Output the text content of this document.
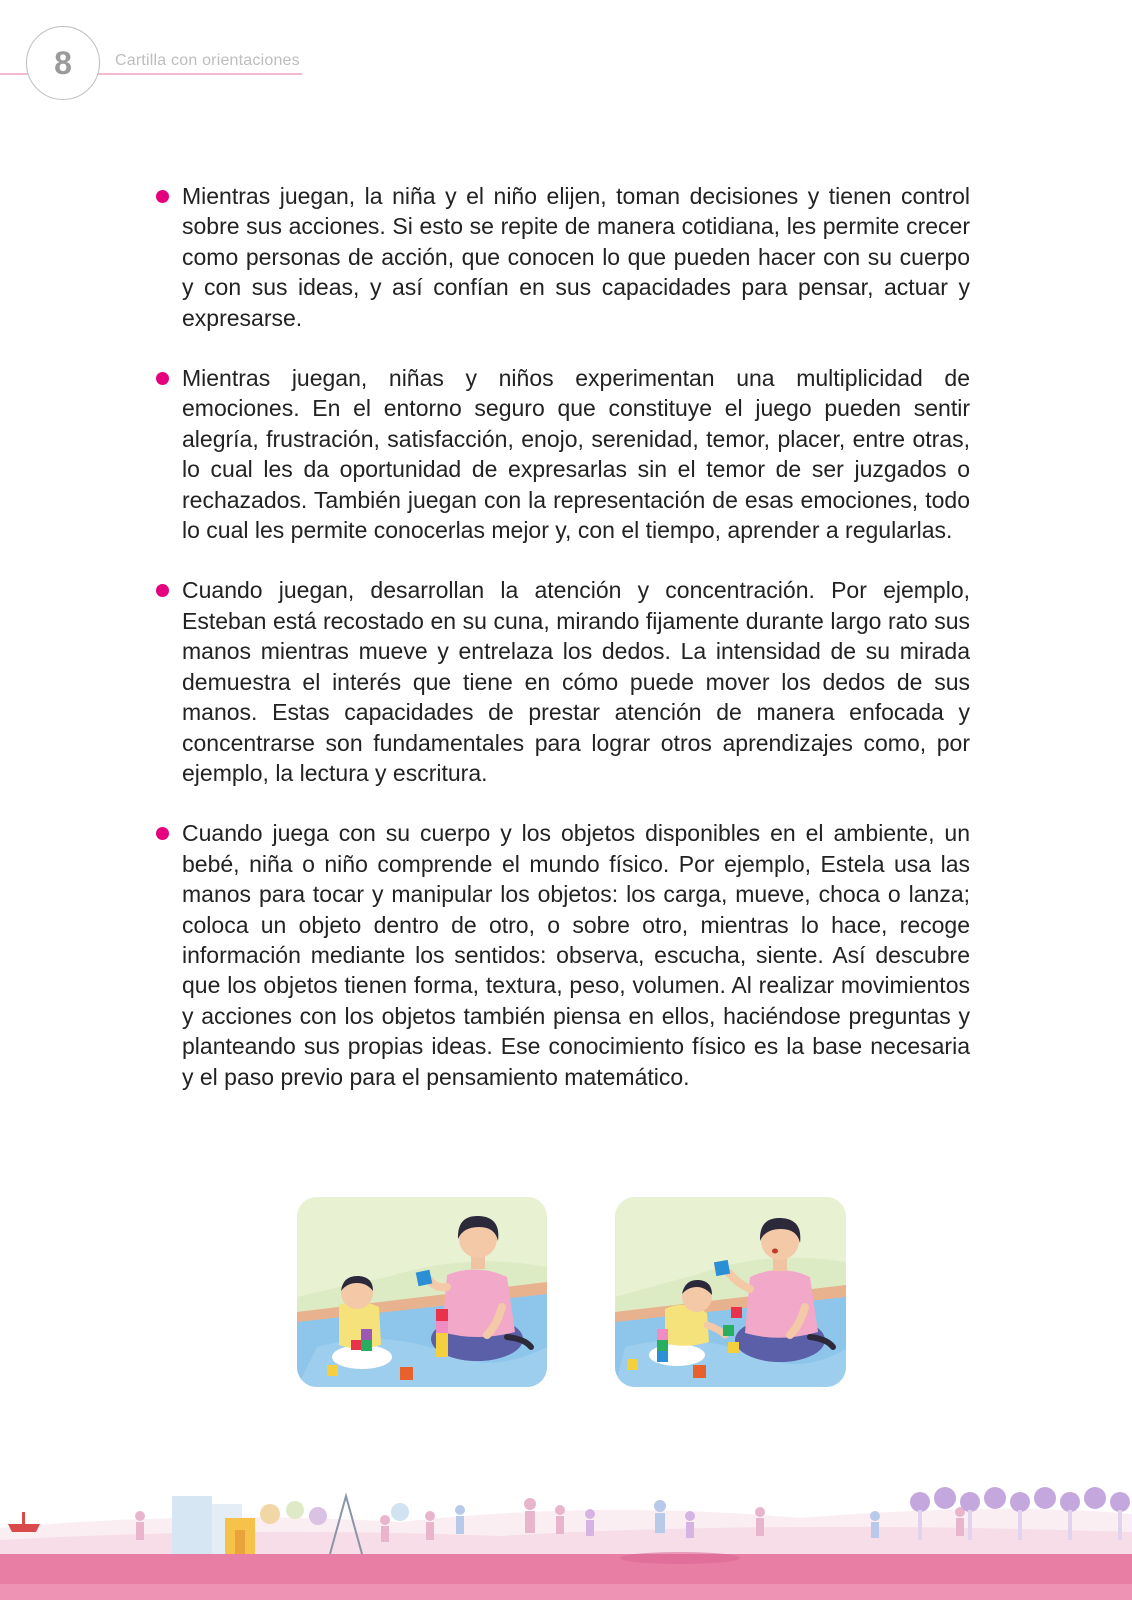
8	Cartilla con orientaciones

Mientras juegan, la niña y el niño elijen, toman decisiones y tienen control sobre sus acciones. Si esto se repite de manera cotidiana, les permite crecer como personas de acción, que conocen lo que pueden hacer con su cuerpo y con sus ideas, y así confían en sus capacidades para pensar, actuar y expresarse.

Mientras juegan, niñas y niños experimentan una multiplicidad de emociones. En el entorno seguro que constituye el juego pueden sentir alegría, frustración, satisfacción, enojo, serenidad, temor, placer, entre otras, lo cual les da oportunidad de expresarlas sin el temor de ser juzgados o rechazados. También juegan con la representación de esas emociones, todo lo cual les permite conocerlas mejor y, con el tiempo, aprender a regularlas.

Cuando juegan, desarrollan la atención y concentración. Por ejemplo, Esteban está recostado en su cuna, mirando fijamente durante largo rato sus manos mientras mueve y entrelaza los dedos. La intensidad de su mirada demuestra el interés que tiene en cómo puede mover los dedos de sus manos. Estas capacidades de prestar atención de manera enfocada y concentrarse son fundamentales para lograr otros aprendizajes como, por ejemplo, la lectura y escritura.

Cuando juega con su cuerpo y los objetos disponibles en el ambiente, un bebé, niña o niño comprende el mundo físico. Por ejemplo, Estela usa las manos para tocar y manipular los objetos: los carga, mueve, choca o lanza; coloca un objeto dentro de otro, o sobre otro, mientras lo hace, recoge información mediante los sentidos: observa, escucha, siente. Así descubre que los objetos tienen forma, textura, peso, volumen. Al realizar movimientos y acciones con los objetos también piensa en ellos, haciéndose preguntas y planteando sus propias ideas. Ese conocimiento físico es la base necesaria y el paso previo para el pensamiento matemático.
